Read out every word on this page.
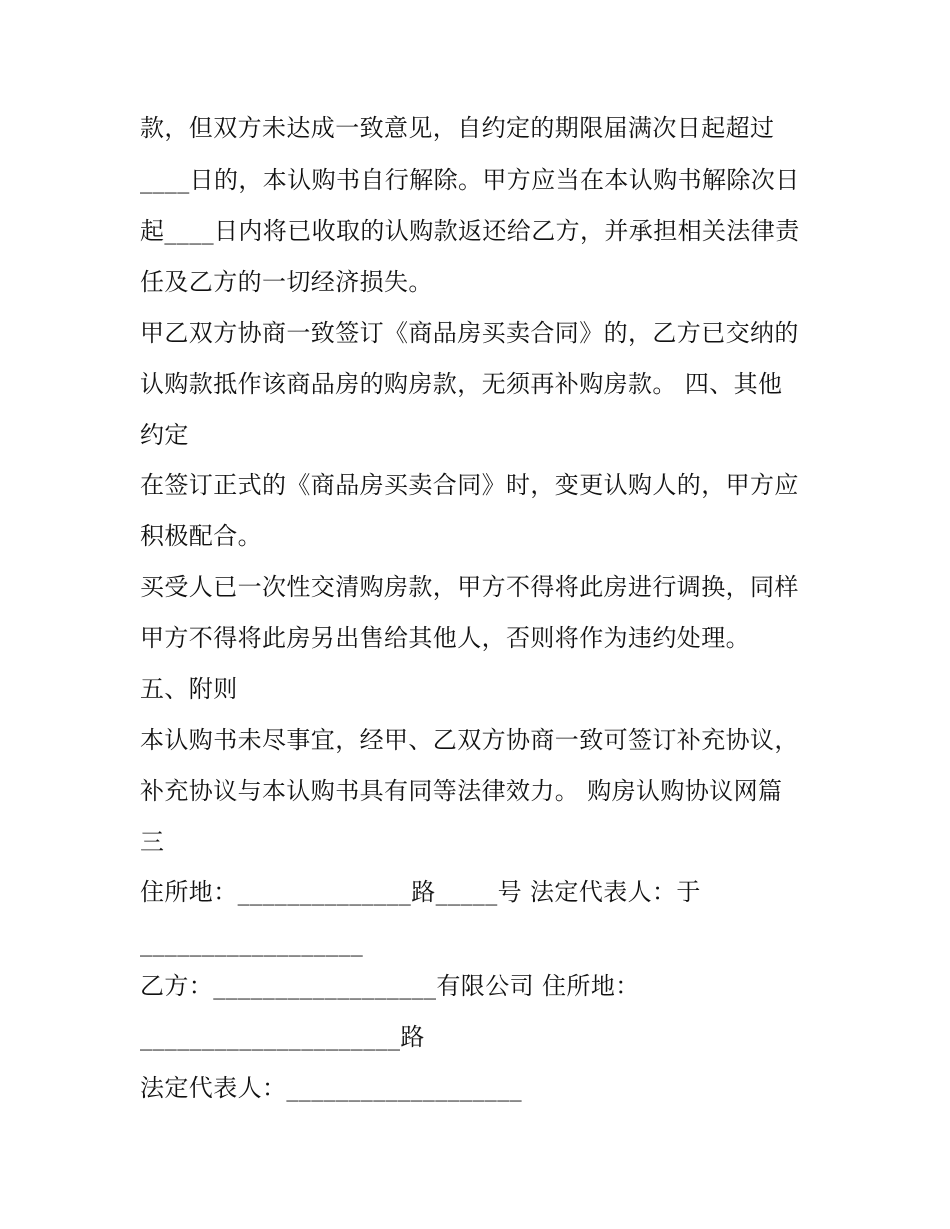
款，但双方未达成一致意见，自约定的期限届满次日起超过
____日的，本认购书自行解除。甲方应当在本认购书解除次日
起____日内将已收取的认购款返还给乙方，并承担相关法律责
任及乙方的一切经济损失。
甲乙双方协商一致签订《商品房买卖合同》的，乙方已交纳的
认购款抵作该商品房的购房款，无须再补购房款。 四、其他
约定
在签订正式的《商品房买卖合同》时，变更认购人的，甲方应
积极配合。
买受人已一次性交清购房款，甲方不得将此房进行调换，同样
甲方不得将此房另出售给其他人，否则将作为违约处理。
五、附则
本认购书未尽事宜，经甲、乙双方协商一致可签订补充协议，
补充协议与本认购书具有同等法律效力。 购房认购协议网篇
三
住所地：______________路_____号 法定代表人：于
__________________
乙方：__________________有限公司 住所地：
_____________________路
法定代表人：___________________
